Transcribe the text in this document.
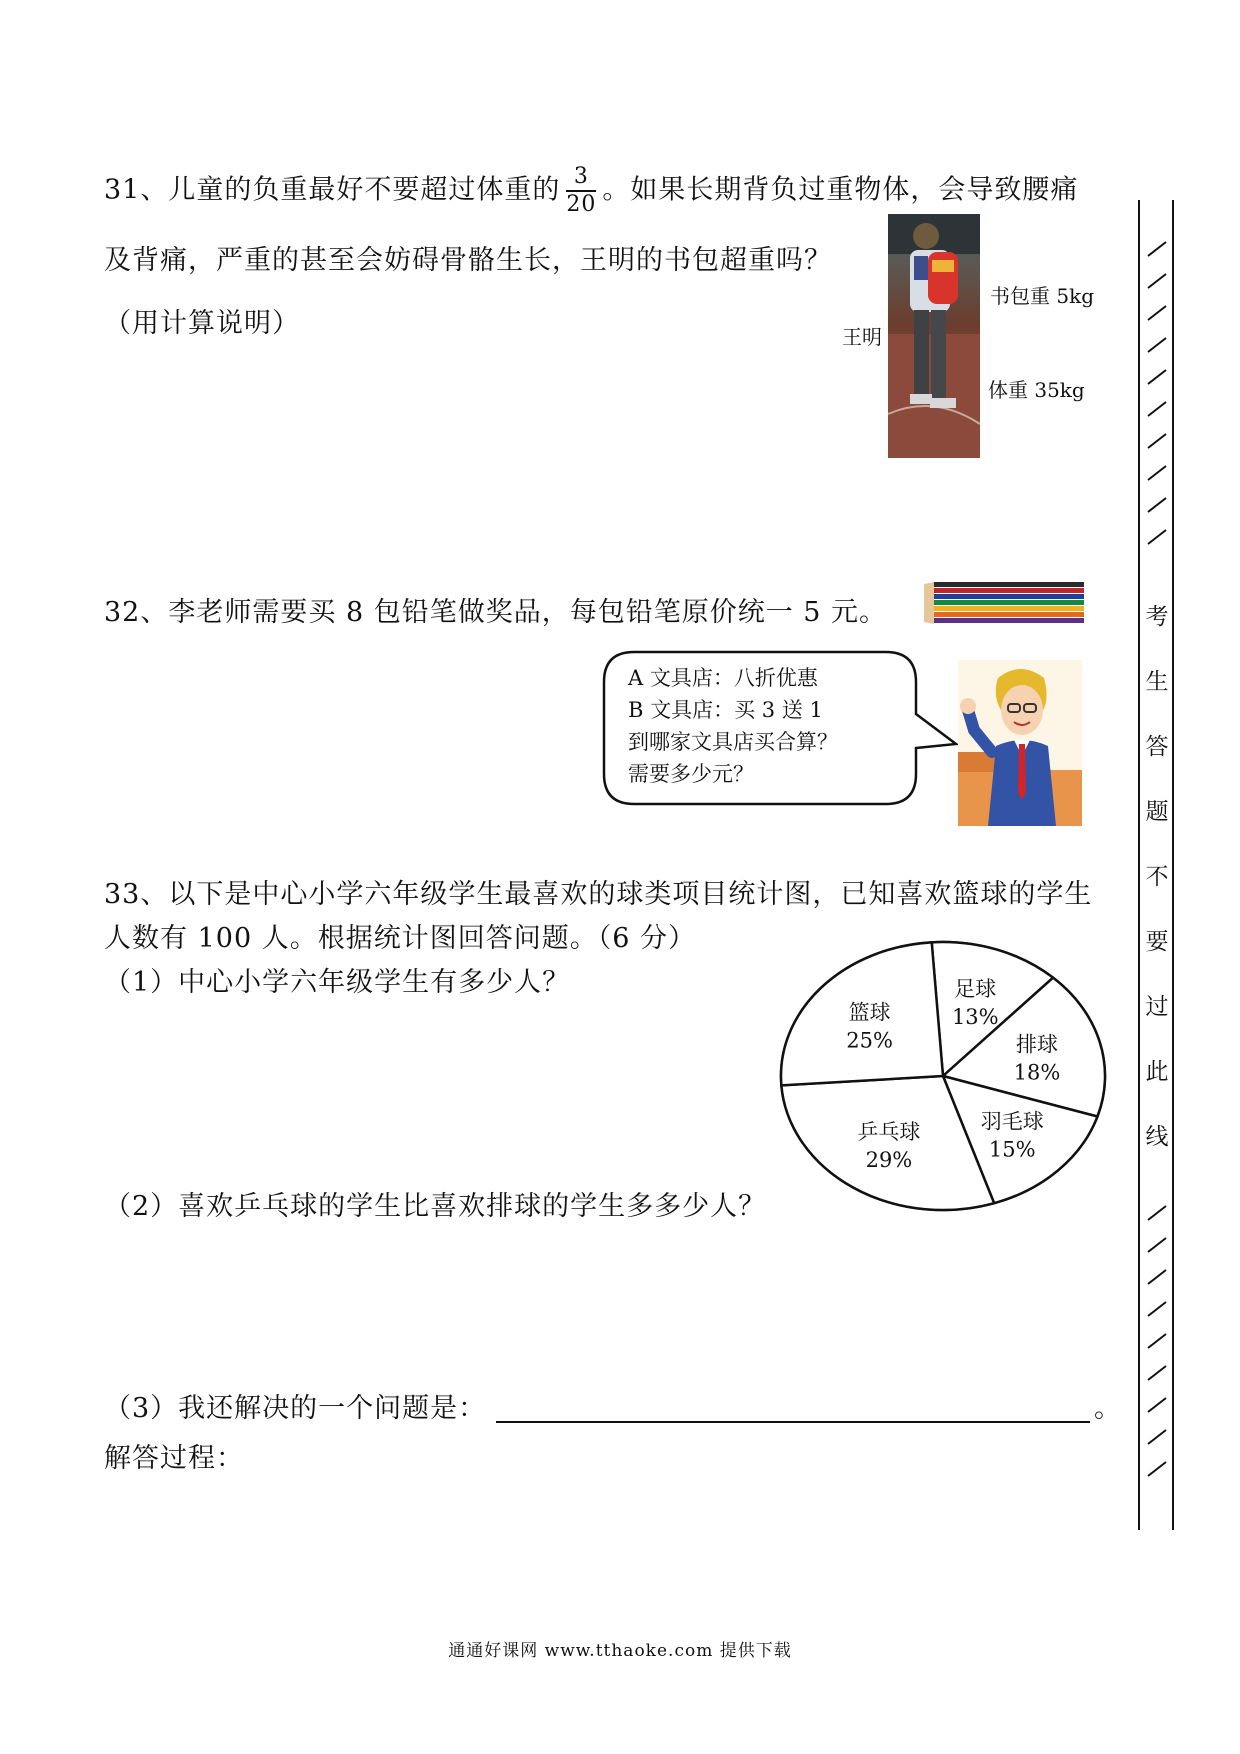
31、儿童的负重最好不要超过体重的 $\frac{3}{20}$ 。如果长期背负过重物体，会导致腰痛
及背痛，严重的甚至会妨碍骨骼生长，王明的书包超重吗？
（用计算说明）	王明
书包重 5kg
体重 35kg
32、李老师需要买 8 包铅笔做奖品，每包铅笔原价统一 5 元。
A 文具店：八折优惠
B 文具店：买 3 送 1
到哪家文具店买合算？
需要多少元？
33、以下是中心小学六年级学生最喜欢的球类项目统计图，已知喜欢篮球的学生
人数有 100 人。根据统计图回答问题。（6 分）
（1）中心小学六年级学生有多少人？	足球
13%
排球
18%
羽毛球
15%
乒乓球
29%
篮球
25%
（2）喜欢乒乓球的学生比喜欢排球的学生多多少人？
（3）我还解决的一个问题是：	。
解答过程：
考
生
答
题
不
要
过
此
线
通通好课网 www.tthaoke.com 提供下载
